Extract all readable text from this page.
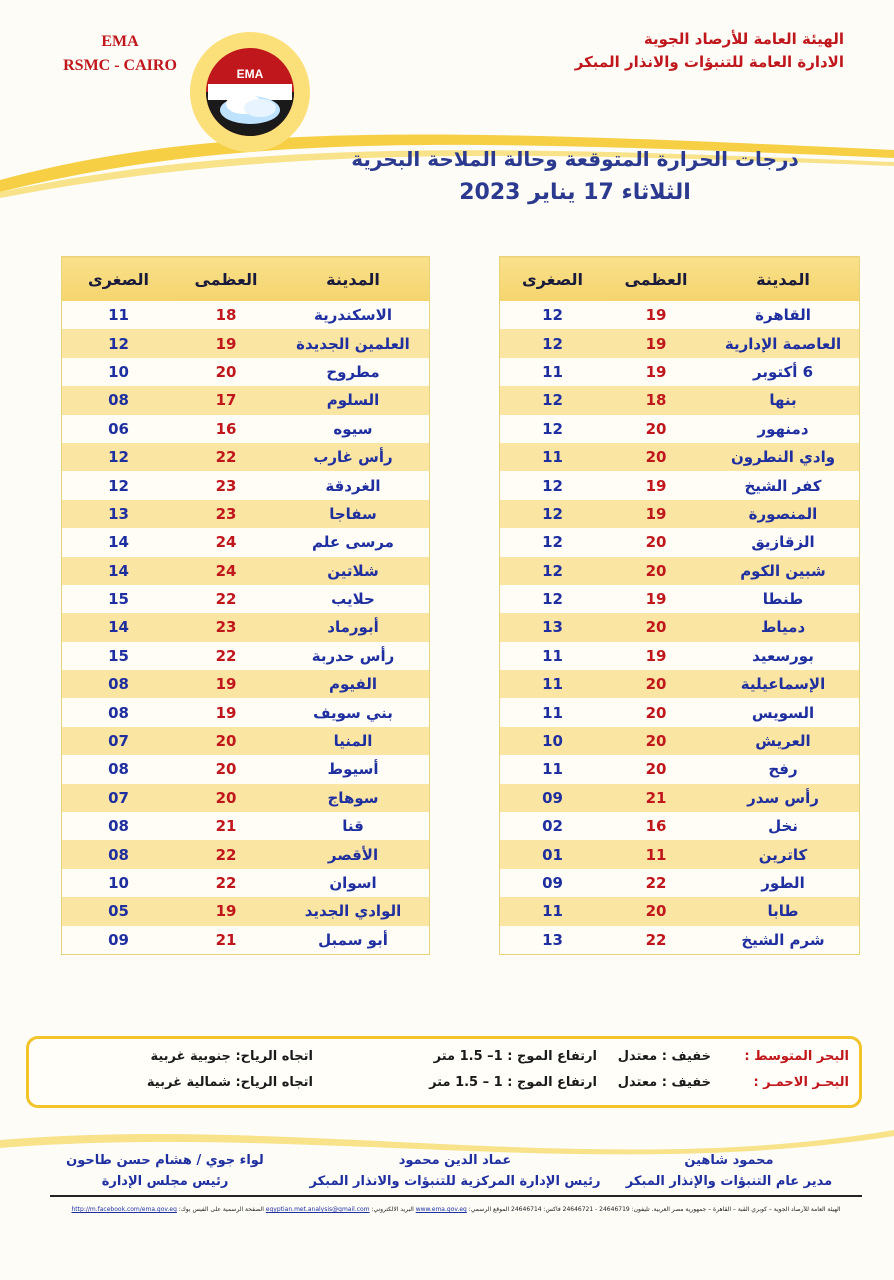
EMA
RSMC - CAIRO	EMA
الهيئة العامة للأرصاد الجوية
الادارة العامة للتنبؤات والانذار المبكر
درجات الحرارة المتوقعة وحالة الملاحة البحرية
الثلاثاء 17 يناير 2023
المدينة	العظمى	الصغرى
القاهرة	19	12
العاصمة الإدارية	19	12
6 أكتوبر	19	11
بنها	18	12
دمنهور	20	12
وادي النطرون	20	11
كفر الشيخ	19	12
المنصورة	19	12
الزقازيق	20	12
شبين الكوم	20	12
طنطا	19	12
دمياط	20	13
بورسعيد	19	11
الإسماعيلية	20	11
السويس	20	11
العريش	20	10
رفح	20	11
رأس سدر	21	09
نخل	16	02
كاترين	11	01
الطور	22	09
طابا	20	11
شرم الشيخ	22	13
المدينة	العظمى	الصغرى
الاسكندرية	18	11
العلمين الجديدة	19	12
مطروح	20	10
السلوم	17	08
سيوه	16	06
رأس غارب	22	12
الغردقة	23	12
سفاجا	23	13
مرسى علم	24	14
شلاتين	24	14
حلايب	22	15
أبورماد	23	14
رأس حدربة	22	15
الفيوم	19	08
بني سويف	19	08
المنيا	20	07
أسيوط	20	08
سوهاج	20	07
قنا	21	08
الأقصر	22	08
اسوان	22	10
الوادي الجديد	19	05
أبو سمبل	21	09
البحر المتوسط :
خفيف : معتدل
ارتفاع الموج : 1– 1.5 متر
اتجاه الرياح: جنوبية غربية
البحـر الاحمـر :
خفيف : معتدل
ارتفاع الموج : 1 – 1.5 متر
اتجاه الرياح: شمالية غربية
محمود شاهين
مدير عام التنبؤات والإنذار المبكر
عماد الدين محمود
رئيس الإدارة المركزية للتنبؤات والانذار المبكر
لواء جوي / هشام حسن طاحون
رئيس مجلس الإدارة
الهيئة العامة للأرصاد الجوية – كوبري القبة – القاهرة – جمهورية مصر العربية. تليفون: 24646719 - 24646721 فاكس: 24646714 الموقع الرسمي: www.ema.gov.eg البريد الالكتروني: egyptian.met.analysis@gmail.com الصفحة الرسمية على الفيس بوك: http://m.facebook.com/ema.gov.eg
